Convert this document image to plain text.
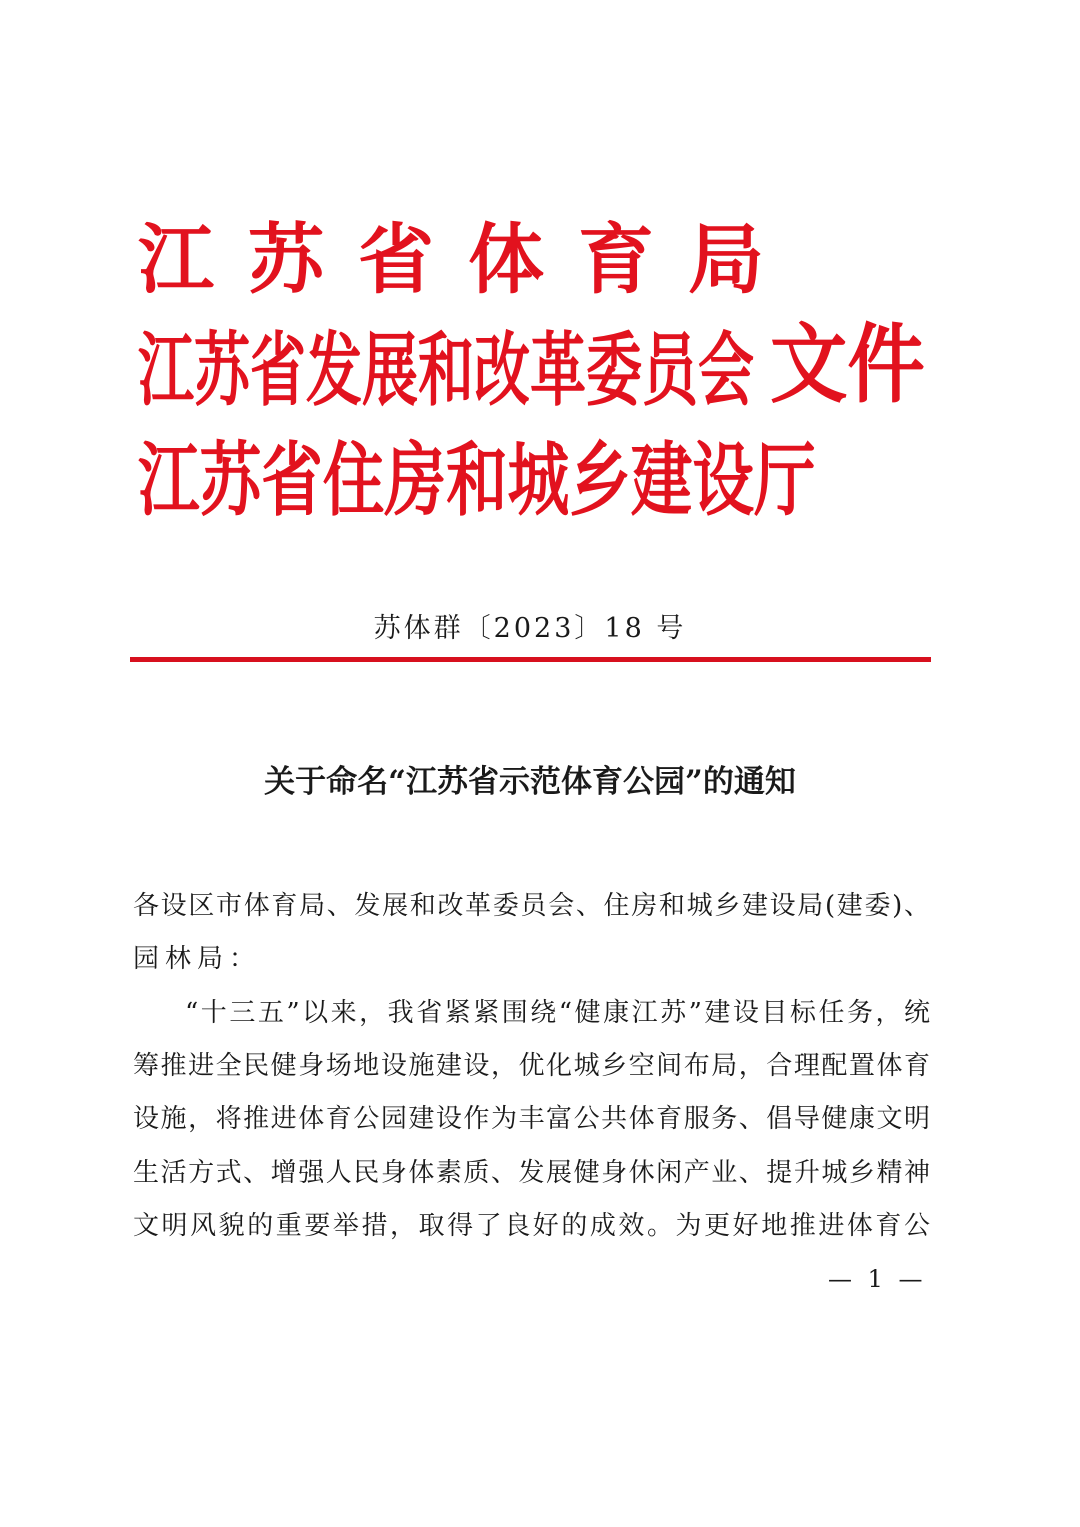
江苏省体育局
江苏省发展和改革委员会 文件
江苏省住房和城乡建设厅
苏体群〔2023〕18 号
关于命名“江苏省示范体育公园”的通知
各设区市体育局、发展和改革委员会、住房和城乡建设局(建委)、
园林局：
“十三五”以来，我省紧紧围绕“健康江苏”建设目标任务，统
筹推进全民健身场地设施建设，优化城乡空间布局，合理配置体育
设施，将推进体育公园建设作为丰富公共体育服务、倡导健康文明
生活方式、增强人民身体素质、发展健身休闲产业、提升城乡精神
文明风貌的重要举措，取得了良好的成效。为更好地推进体育公
— 1 —
